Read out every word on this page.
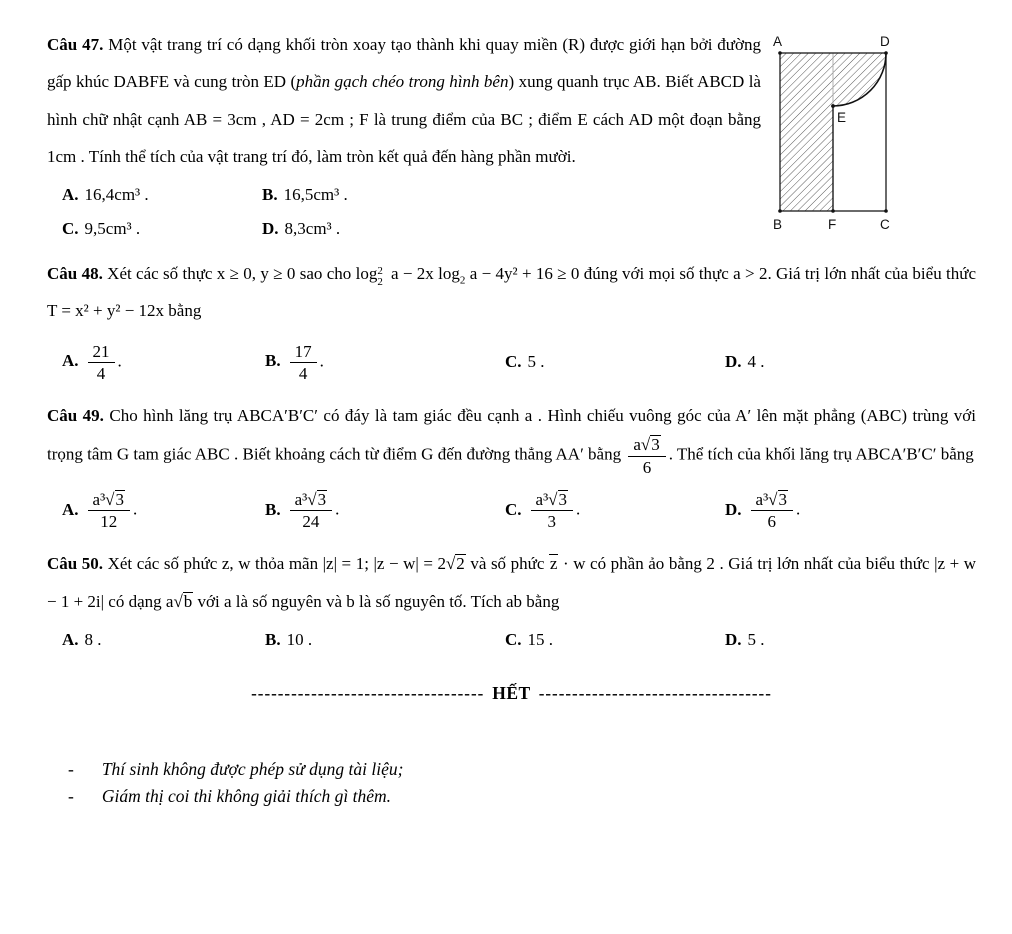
A	D
E
B	F	C

Câu 47. Một vật trang trí có dạng khối tròn xoay tạo thành khi quay miền (R) được giới hạn bởi đường gấp khúc DABFE và cung tròn ED (phần gạch chéo trong hình bên) xung quanh trục AB. Biết ABCD là hình chữ nhật cạnh AB = 3cm , AD = 2cm ; F là trung điểm của BC ; điểm E cách AD một đoạn bằng 1cm . Tính thể tích của vật trang trí đó, làm tròn kết quả đến hàng phần mười.

A. 16,4cm³ .	B. 16,5cm³ .
C. 9,5cm³ .	D. 8,3cm³ .

Câu 48. Xét các số thực x ≥ 0, y ≥ 0 sao cho log 2
2 a − 2x $\log_2 a - 4y^2 + 16 \ge 0$ đúng với mọi số thực a > 2. Giá trị lớn nhất của biểu thức T = x² + y² − 12x bằng

A. $\frac{21}{4}$ .	B. $\frac{17}{4}$ .	C. 5 .	D. 4 .

Câu 49. Cho hình lăng trụ ABCA′B′C′ có đáy là tam giác đều cạnh a . Hình chiếu vuông góc của A′ lên mặt phẳng (ABC) trùng với trọng tâm G tam giác ABC . Biết khoảng cách từ điểm G đến đường thẳng AA′ bằng $\frac{a√3}{6}$ . Thể tích của khối lăng trụ ABCA′B′C′ bằng

A. $\frac{\text{a³√3}}{12}$ .	B. $\frac{\text{a³√3}}{24}$ .	C. $\frac{\text{a³√3}}{3}$ .	D. $\frac{\text{a³√3}}{6}$ .

Câu 50. Xét các số phức z, w thỏa mãn |z| = 1; |z − w| = 2√2 và số phức z · w có phần ảo bằng 2 . Giá trị lớn nhất của biểu thức |z + w − 1 + 2i| có dạng a√b với a là số nguyên và b là số nguyên tố. Tích ab bằng

A. 8 .	B. 10 .	C. 15 .	D. 5 .
----------------------------------- HẾT -----------------------------------
- Thí sinh không được phép sử dụng tài liệu;
- Giám thị coi thi không giải thích gì thêm.
